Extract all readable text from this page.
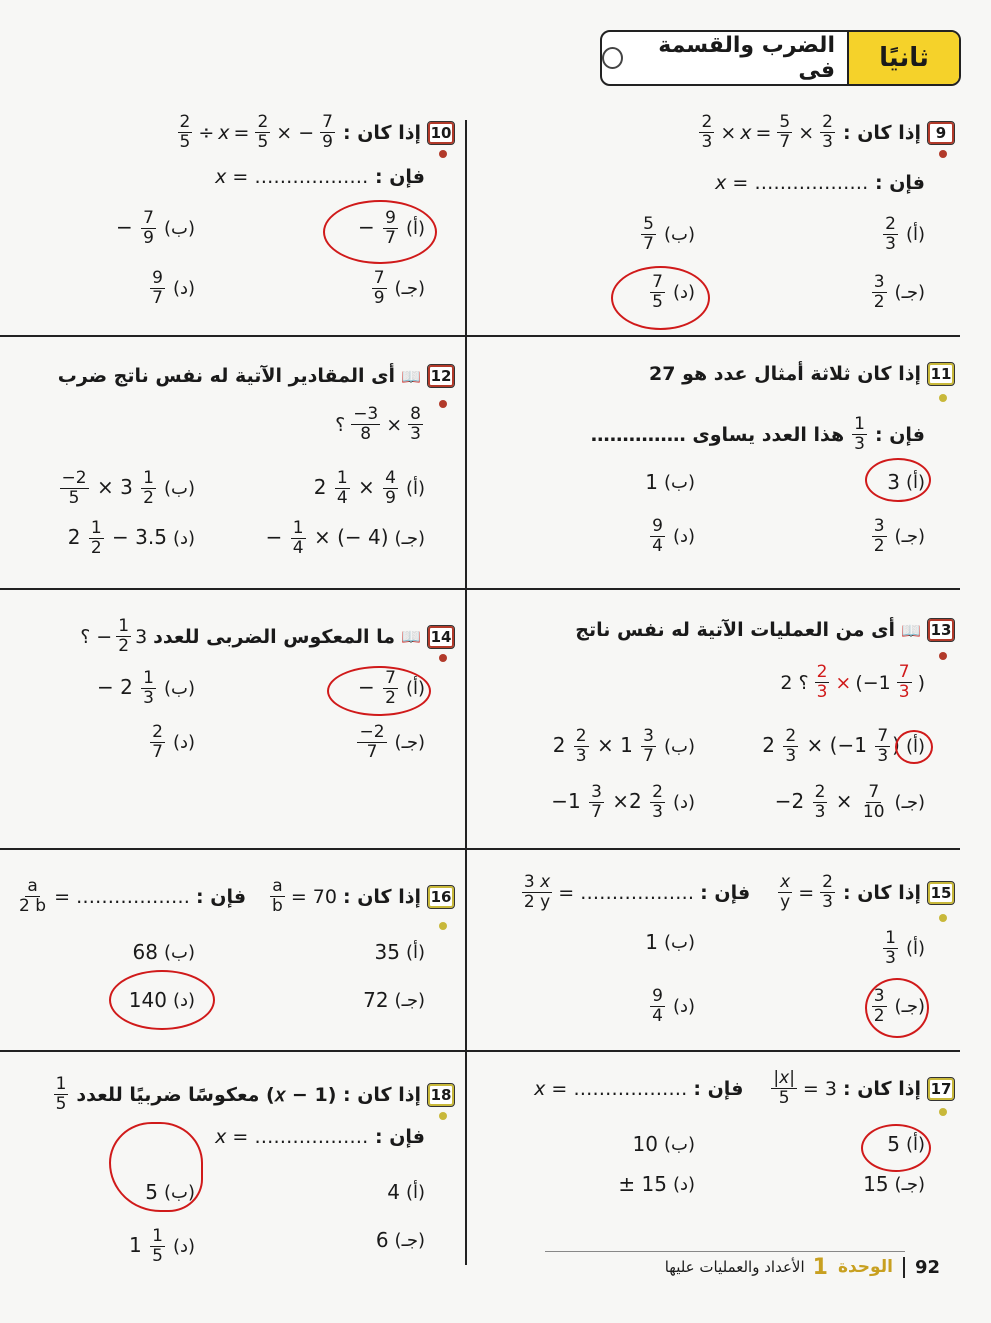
ثانيًا
الضرب والقسمة فى
9
إذا كان :
$\frac{2}{3} \times x = \frac{5}{7} \times \frac{2}{3}$
فإن : ……………… = x
(أ)
$\frac{2}{3}$
(ب)
$\frac{5}{7}$
(جـ)
$\frac{3}{2}$
(د)
$\frac{7}{5}$
10
إذا كان :
$\frac{2}{5} \div x = \frac{2}{5}$ × − $\frac{7}{9}$
فإن : ……………… = x
(أ)
− $\frac{9}{7}$
(ب)
− $\frac{7}{9}$
(جـ)
$\frac{7}{9}$
(د)
$\frac{9}{7}$
11
إذا كان ثلاثة أمثال عدد هو 27
فإن :
$\frac{1}{3}$
هذا العدد يساوى ……………
(أ)
3
(ب)
1
(جـ)
$\frac{3}{2}$
(د)
$\frac{9}{4}$
12
📖
أى المقادير الآتية له نفس ناتج ضرب
؟ $\frac{-3}{8} \times \frac{8}{3}$
(أ)
$2 \frac{1}{4} \times \frac{4}{9}$
(ب)
$\frac{-2}{5} \times 3 \frac{1}{2}$
(جـ)
− $\frac{1}{4}$ × (− 4)
(د)
$2 \frac{1}{2} - 3.5$
13
📖
أى من العمليات الآتية له نفس ناتج
؟ $2 \frac{2}{3} \times (-1 \frac{7}{3}$ )
(أ)
$2 \frac{2}{3} \times (-1 \frac{7}{3}$ )
(ب)
$2 \frac{2}{3} \times 1 \frac{3}{7}$
(جـ)
$-2 \frac{2}{3} \times \frac{7}{10}$
(د)
$-1 \frac{3}{7} \times 2 \frac{2}{3}$
14
📖
ما المعكوس الضربى للعدد
3
$\frac{1}{2}$
− ؟
(أ)
− $\frac{7}{2}$
(ب)
− $2 \frac{1}{3}$
(جـ)
$\frac{-2}{7}$
(د)
$\frac{2}{7}$
15
إذا كان :
$\frac{x}{y} = \frac{2}{3}$
فإن :
$\frac{3 x}{2 y}$ = ………………
(أ)
$\frac{1}{3}$
(ب)
1
(جـ)
$\frac{3}{2}$
(د)
$\frac{9}{4}$
16
إذا كان :
$\frac{a}{b} = 70$
فإن :
$\frac{a}{2 b}$ = ………………
(أ)
35
(ب)
68
(جـ)
72
(د)
140
17
إذا كان :
$\frac{|x|}{5} = 3$
فإن :
……………… = x
(أ)
5
(ب)
10
(جـ)
15
(د)
± 15
18
إذا كان : (𝑥 − 1) معكوسًا ضربيًا للعدد
$\frac{1}{5}$
فإن : ……………… = x
(أ)
4
(ب)
5
(جـ)
6
(د)
$1 \frac{1}{5}$
92
الوحدة
1
الأعداد والعمليات عليها
